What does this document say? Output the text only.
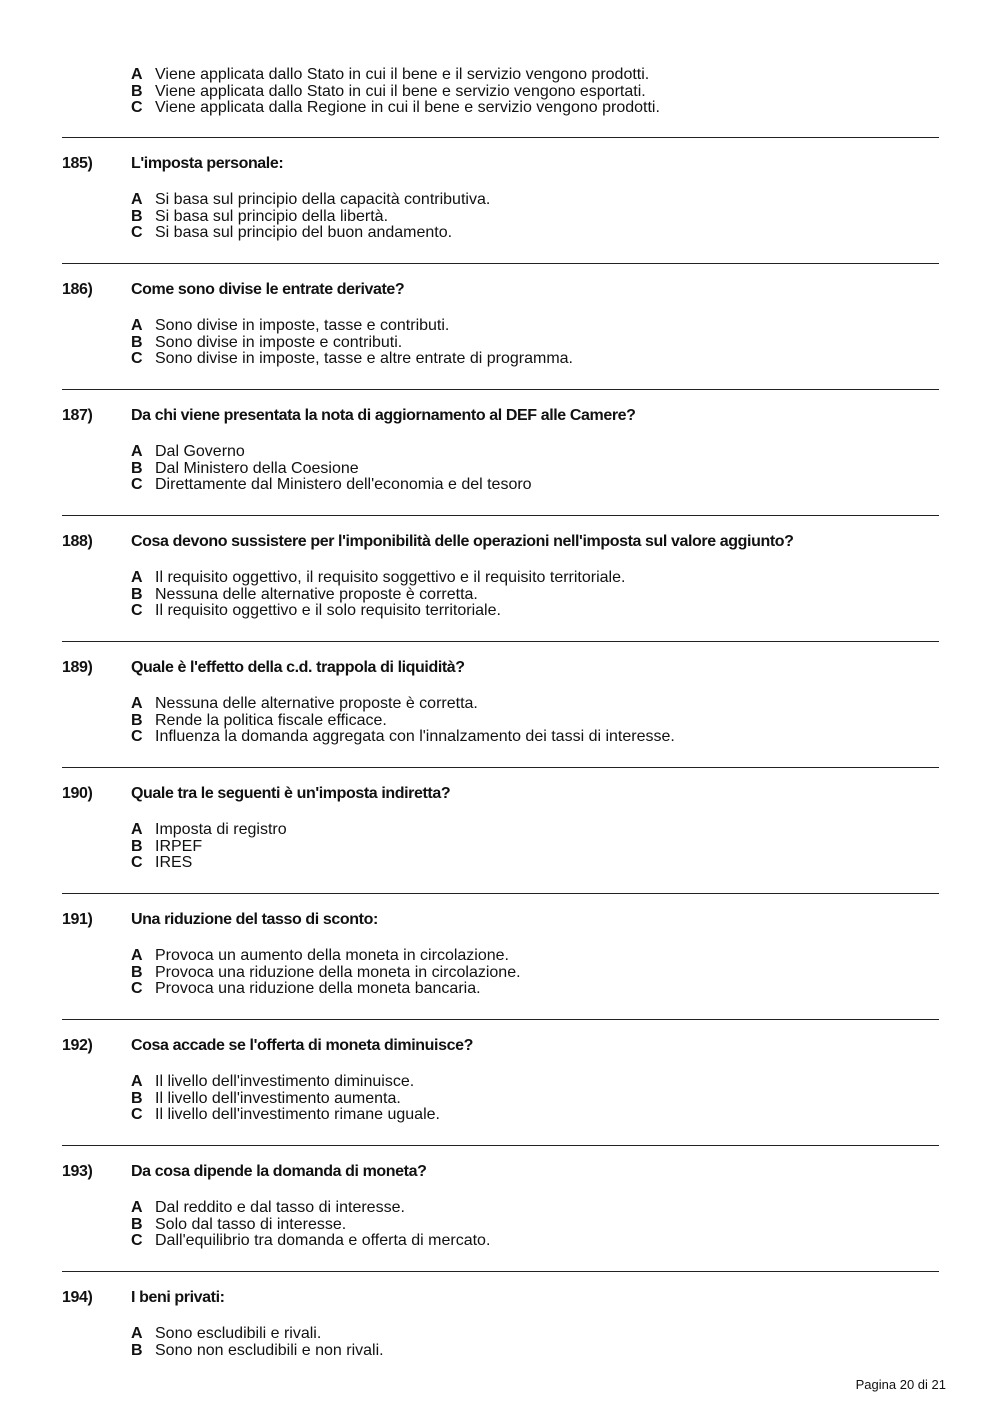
A Viene applicata dallo Stato in cui il bene e il servizio vengono prodotti.
B Viene applicata dallo Stato in cui il bene e servizio vengono esportati.
C Viene applicata dalla Regione in cui il bene e servizio vengono prodotti.
185)	L'imposta personale:
A Si basa sul principio della capacità contributiva.
B Si basa sul principio della libertà.
C Si basa sul principio del buon andamento.
186)	Come sono divise le entrate derivate?
A Sono divise in imposte, tasse e contributi.
B Sono divise in imposte e contributi.
C Sono divise in imposte, tasse e altre entrate di programma.
187)	Da chi viene presentata la nota di aggiornamento al DEF alle Camere?
A Dal Governo
B Dal Ministero della Coesione
C Direttamente dal Ministero dell'economia e del tesoro
188)	Cosa devono sussistere per l'imponibilità delle operazioni nell'imposta sul valore aggiunto?
A Il requisito oggettivo, il requisito soggettivo e il requisito territoriale.
B Nessuna delle alternative proposte è corretta.
C Il requisito oggettivo e il solo requisito territoriale.
189)	Quale è l'effetto della c.d. trappola di liquidità?
A Nessuna delle alternative proposte è corretta.
B Rende la politica fiscale efficace.
C Influenza la domanda aggregata con l'innalzamento dei tassi di interesse.
190)	Quale tra le seguenti è un'imposta indiretta?
A Imposta di registro
B IRPEF
C IRES
191)	Una riduzione del tasso di sconto:
A Provoca un aumento della moneta in circolazione.
B Provoca una riduzione della moneta in circolazione.
C Provoca una riduzione della moneta bancaria.
192)	Cosa accade se l'offerta di moneta diminuisce?
A Il livello dell'investimento diminuisce.
B Il livello dell'investimento aumenta.
C Il livello dell'investimento rimane uguale.
193)	Da cosa dipende la domanda di moneta?
A Dal reddito e dal tasso di interesse.
B Solo dal tasso di interesse.
C Dall'equilibrio tra domanda e offerta di mercato.
194)	I beni privati:
A Sono escludibili e rivali.
B Sono non escludibili e non rivali.
Pagina 20 di 21
